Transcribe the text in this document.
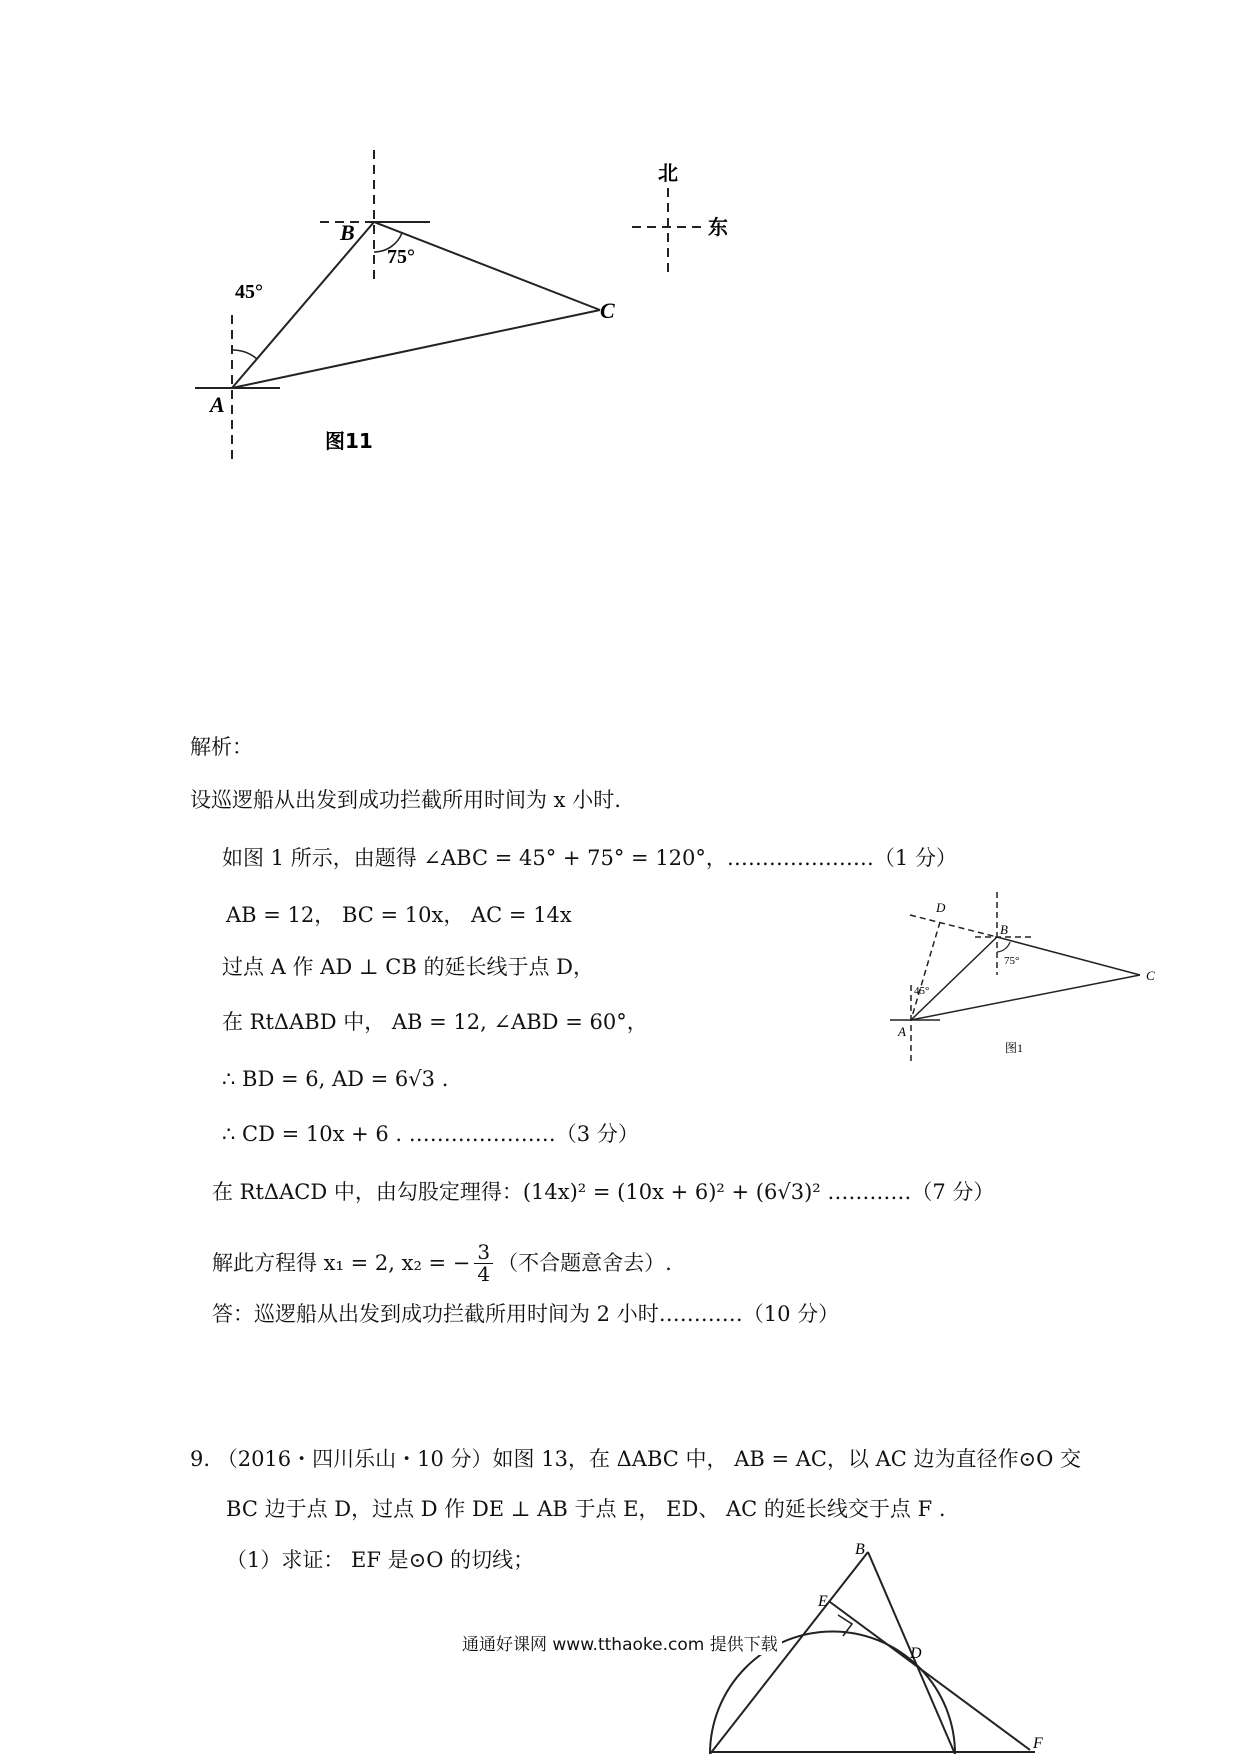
B
C
A
45°
75°
北
东
图11
解析：
设巡逻船从出发到成功拦截所用时间为 x 小时.
如图 1 所示，由题得 ∠ABC = 45° + 75° = 120°，…………………（1 分）
AB = 12， BC = 10x， AC = 14x
过点 A 作 AD ⊥ CB 的延长线于点 D，
在 RtΔABD 中， AB = 12, ∠ABD = 60°，
∴ BD = 6, AD = 6√3 .
∴ CD = 10x + 6 . …………………（3 分）
在 RtΔACD 中，由勾股定理得：(14x)² = (10x + 6)² + (6√3)² …………（7 分）
解此方程得 x₁ = 2, x₂ = − $\frac{3}{4}$ （不合题意舍去）.
答：巡逻船从出发到成功拦截所用时间为 2 小时…………（10 分）
D
B
C
A
45°
75°
图1
9. （2016・四川乐山・10 分）如图 13，在 ΔABC 中， AB = AC，以 AC 边为直径作⊙O 交
BC 边于点 D，过点 D 作 DE ⊥ AB 于点 E， ED、 AC 的延长线交于点 F .
（1）求证： EF 是⊙O 的切线；	B
E
D
F
通通好课网 www.tthaoke.com 提供下载
